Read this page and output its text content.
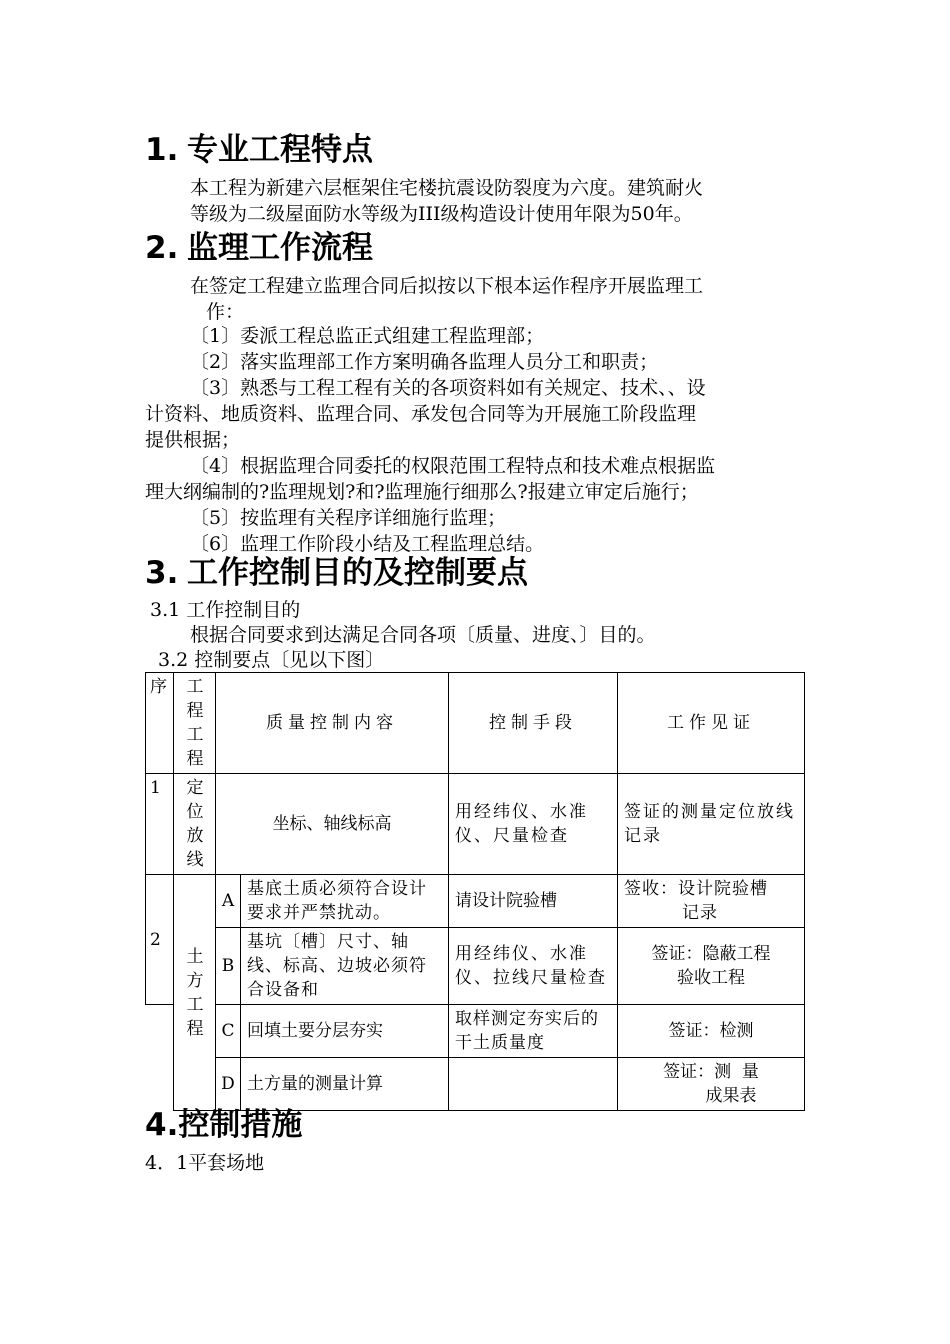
1. 专业工程特点
本工程为新建六层框架住宅楼抗震设防裂度为六度。建筑耐火
等级为二级屋面防水等级为III级构造设计使用年限为50年。
2. 监理工作流程
在签定工程建立监理合同后拟按以下根本运作程序开展监理工
作：
〔1〕委派工程总监正式组建工程监理部；
〔2〕落实监理部工作方案明确各监理人员分工和职责；
〔3〕熟悉与工程工程有关的各项资料如有关规定、技术、、设
计资料、地质资料、监理合同、承发包合同等为开展施工阶段监理
提供根据；
〔4〕根据监理合同委托的权限范围工程特点和技术难点根据监
理大纲编制的?监理规划?和?监理施行细那么?报建立审定后施行；
〔5〕按监理有关程序详细施行监理；
〔6〕监理工作阶段小结及工程监理总结。
3. 工作控制目的及控制要点
3.1 工作控制目的
根据合同要求到达满足合同各项〔质量、进度、〕目的。
3.2 控制要点〔见以下图〕
序	工程工程	质量控制内容		控制手段	工作见证
1	定位放线	坐标、轴线标高		用经纬仪、水准仪、尺量检查	签证的测量定位放线记录
2	土方工程	A	基底土质必须符合设计要求并严禁扰动。	请设计院验槽	签收：设计院验槽
记录

		B	基坑〔槽〕尺寸、轴线、标高、边坡必须符合设备和	用经纬仪、水准仪、拉线尺量检查	签证：隐蔽工程
验收工程

		C	回填土要分层夯实	取样测定夯实后的干土质量度	签证：检测

		D	土方量的测量计算		签证：测  量
成果表
4.控制措施
4．1平套场地
